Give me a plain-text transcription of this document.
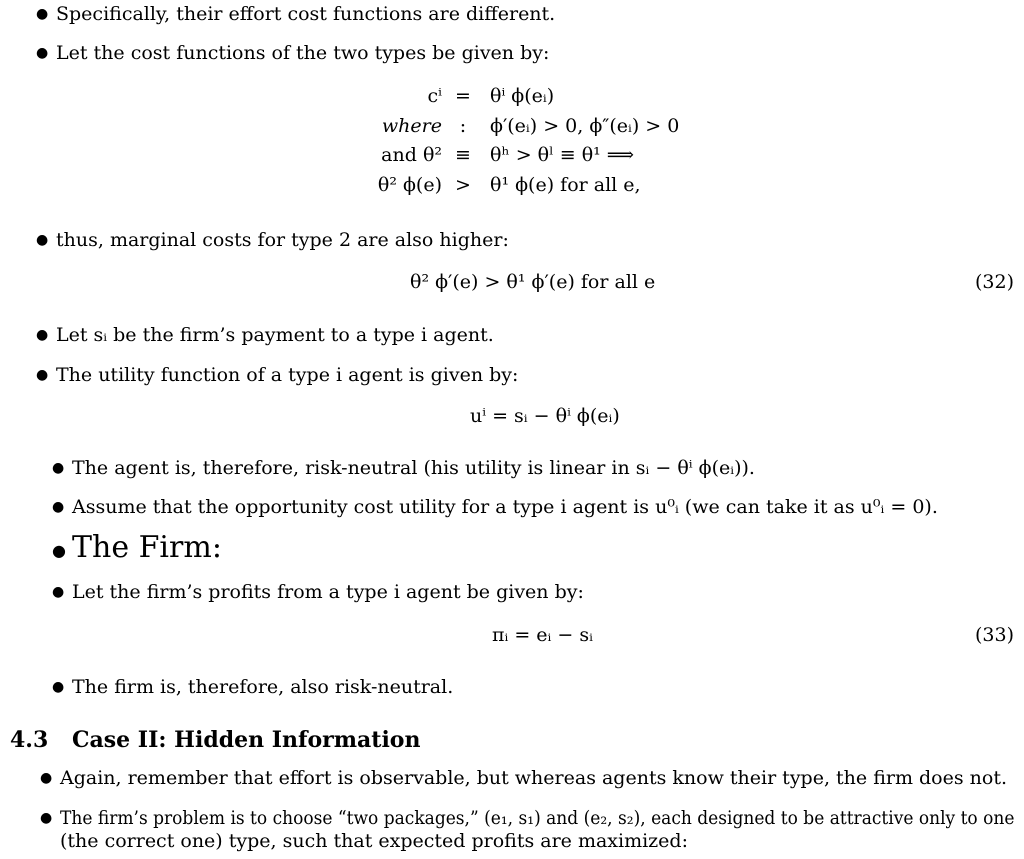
● Specifically, their effort cost functions are different.
● Let the cost functions of the two types be given by:
cⁱ =	θⁱ ϕ(eᵢ)
where :	ϕ′(eᵢ) > 0, ϕ″(eᵢ) > 0
and θ² ≡	θʰ > θˡ ≡ θ¹ ⟹
θ² ϕ(e) >	θ¹ ϕ(e) for all e,
● thus, marginal costs for type 2 are also higher:
θ² ϕ′(e) > θ¹ ϕ′(e) for all e	(32)
● Let sᵢ be the firm’s payment to a type i agent.
● The utility function of a type i agent is given by:
uⁱ = sᵢ − θⁱ ϕ(eᵢ)
● The agent is, therefore, risk-neutral (his utility is linear in sᵢ − θⁱ ϕ(eᵢ)).
● Assume that the opportunity cost utility for a type i agent is u⁰ᵢ (we can take it as u⁰ᵢ = 0).
● The Firm:
● Let the firm’s profits from a type i agent be given by:
πᵢ = eᵢ − sᵢ	(33)
● The firm is, therefore, also risk-neutral.
4.3 Case II: Hidden Information
● Again, remember that effort is observable, but whereas agents know their type, the firm does not.
● The firm’s problem is to choose “two packages,” (e₁, s₁) and (e₂, s₂), each designed to be attractive only to one
(the correct one) type, such that expected profits are maximized:
